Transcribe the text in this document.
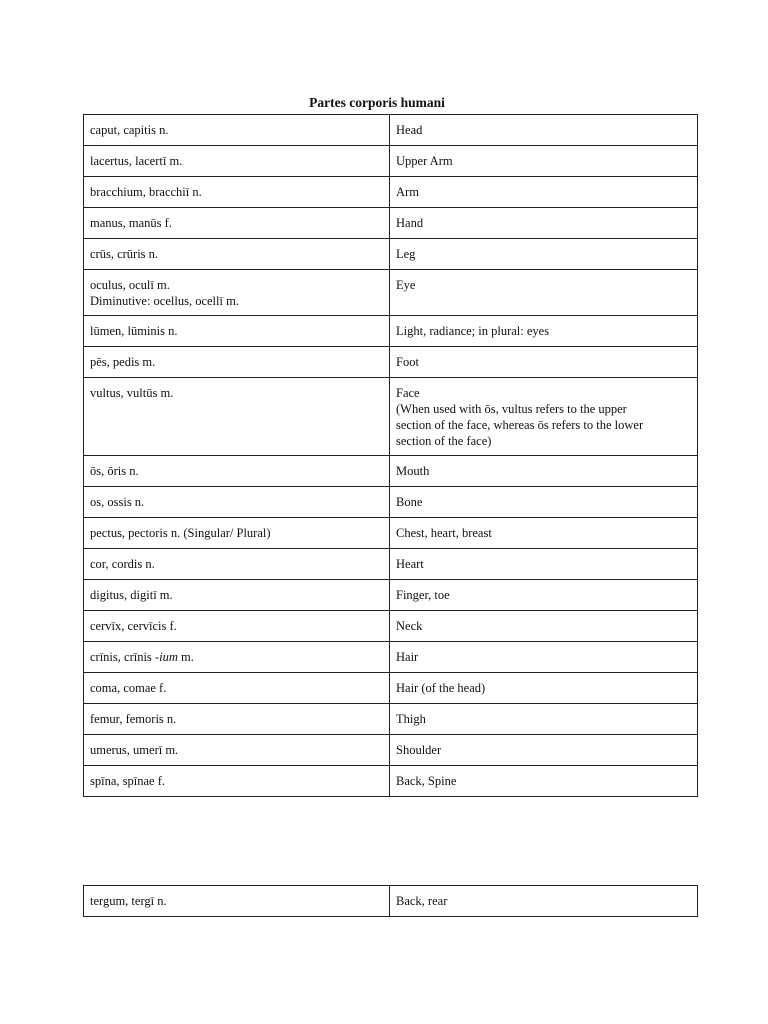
Partes corporis humani
caput, capitis n.	Head

lacertus, lacertī m.	Upper Arm

bracchium, bracchiī n.	Arm

manus, manūs f.	Hand

crūs, crūris n.	Leg

oculus, oculī m.
Diminutive: ocellus, ocellī m.	Eye

lūmen, lūminis n.	Light, radiance; in plural: eyes

pēs, pedis m.	Foot

vultus, vultūs m.	Face
(When used with ōs, vultus refers to the upper
section of the face, whereas ōs refers to the lower
section of the face)

ōs, ōris n.	Mouth

os, ossis n.	Bone

pectus, pectoris n. (Singular/ Plural)	Chest, heart, breast

cor, cordis n.	Heart

digitus, digitī m.	Finger, toe

cervīx, cervīcis f.	Neck

crīnis, crīnis -ium m.	Hair

coma, comae f.	Hair (of the head)

femur, femoris n.	Thigh

umerus, umerī m.	Shoulder

spīna, spīnae f.	Back, Spine
tergum, tergī n.	Back, rear
